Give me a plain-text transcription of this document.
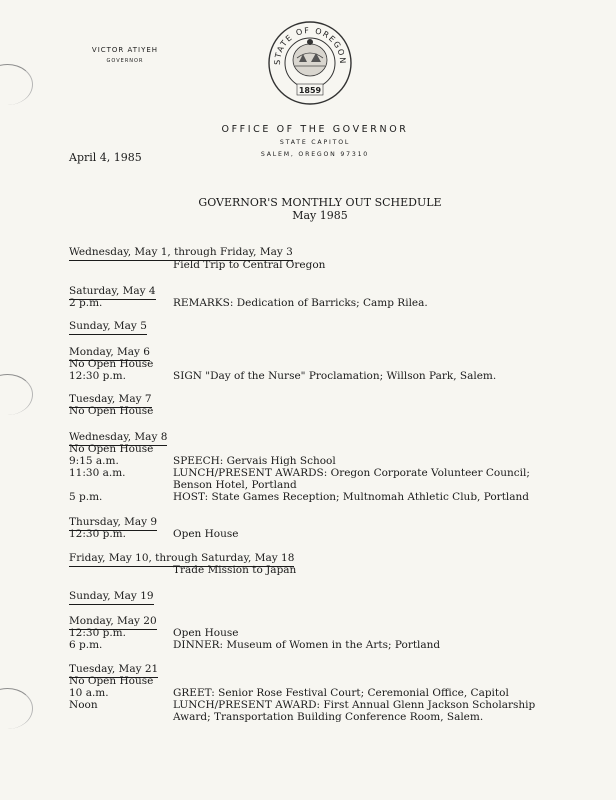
VICTOR ATIYEH
GOVERNOR	STATE OF OREGON
1859
OFFICE OF THE GOVERNOR
STATE CAPITOL
SALEM, OREGON 97310
April 4, 1985
GOVERNOR'S MONTHLY OUT SCHEDULE
May 1985
Wednesday, May 1, through Friday, May 3
Field Trip to Central Oregon
Saturday, May 4
2 p.m.	REMARKS: Dedication of Barricks; Camp Rilea.
Sunday, May 5
Monday, May 6
No Open House
12:30 p.m.	SIGN "Day of the Nurse" Proclamation; Willson Park, Salem.
Tuesday, May 7
No Open House
Wednesday, May 8
No Open House
9:15 a.m.	SPEECH: Gervais High School
11:30 a.m.	LUNCH/PRESENT AWARDS: Oregon Corporate Volunteer Council;
Benson Hotel, Portland
5 p.m.	HOST: State Games Reception; Multnomah Athletic Club, Portland
Thursday, May 9
12:30 p.m.	Open House
Friday, May 10, through Saturday, May 18
Trade Mission to Japan
Sunday, May 19
Monday, May 20
12:30 p.m.	Open House
6 p.m.	DINNER: Museum of Women in the Arts; Portland
Tuesday, May 21
No Open House
10 a.m.	GREET: Senior Rose Festival Court; Ceremonial Office, Capitol
Noon	LUNCH/PRESENT AWARD: First Annual Glenn Jackson Scholarship
Award; Transportation Building Conference Room, Salem.
